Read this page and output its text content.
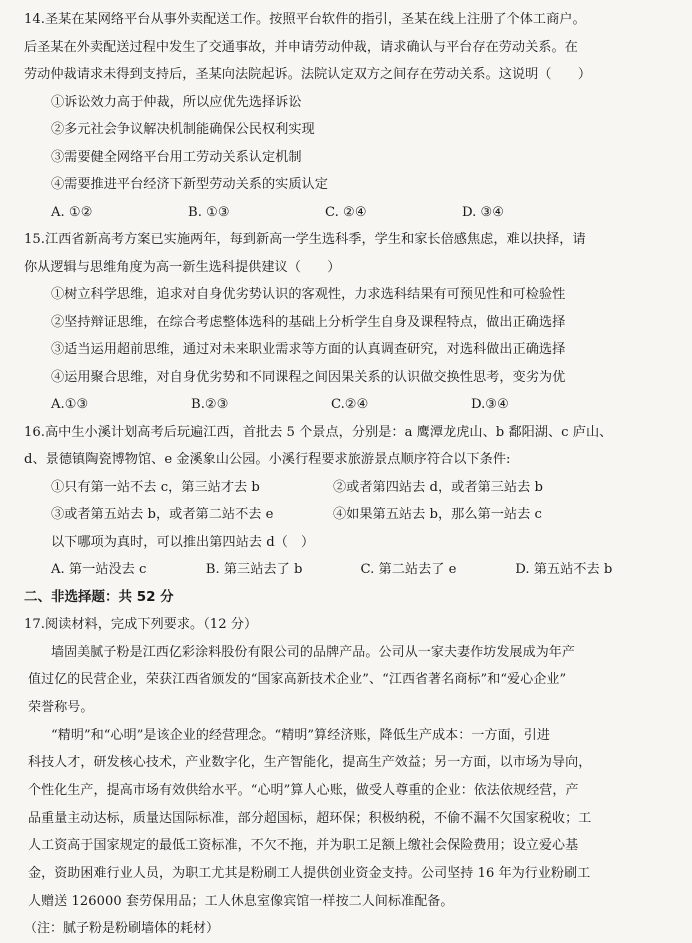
14.圣某在某网络平台从事外卖配送工作。按照平台软件的指引，圣某在线上注册了个体工商户。
后圣某在外卖配送过程中发生了交通事故，并申请劳动仲裁，请求确认与平台存在劳动关系。在
劳动仲裁请求未得到支持后，圣某向法院起诉。法院认定双方之间存在劳动关系。这说明（　　）
①诉讼效力高于仲裁，所以应优先选择诉讼
②多元社会争议解决机制能确保公民权利实现
③需要健全网络平台用工劳动关系认定机制
④需要推进平台经济下新型劳动关系的实质认定
A. ①②	B. ①③	C. ②④	D. ③④
15.江西省新高考方案已实施两年，每到新高一学生选科季，学生和家长倍感焦虑，难以抉择，请
你从逻辑与思维角度为高一新生选科提供建议（　　）
①树立科学思维，追求对自身优劣势认识的客观性，力求选科结果有可预见性和可检验性
②坚持辩证思维，在综合考虑整体选科的基础上分析学生自身及课程特点，做出正确选择
③适当运用超前思维，通过对未来职业需求等方面的认真调查研究，对选科做出正确选择
④运用聚合思维，对自身优劣势和不同课程之间因果关系的认识做交换性思考，变劣为优
A.①③	B.②③	C.②④	D.③④
16.高中生小溪计划高考后玩遍江西，首批去 5 个景点，分别是：a 鹰潭龙虎山、b 鄱阳湖、c 庐山、
d、景德镇陶瓷博物馆、e 金溪象山公园。小溪行程要求旅游景点顺序符合以下条件:
①只有第一站不去 c，第三站才去 b	②或者第四站去 d，或者第三站去 b
③或者第五站去 b，或者第二站不去 e	④如果第五站去 b，那么第一站去 c
以下哪项为真时，可以推出第四站去 d（　）
A. 第一站没去 c	B. 第三站去了 b	C. 第二站去了 e	D. 第五站不去 b
二、非选择题：共 52 分
17.阅读材料，完成下列要求。（12 分）
墙固美腻子粉是江西亿彩涂料股份有限公司的品牌产品。公司从一家夫妻作坊发展成为年产
值过亿的民营企业，荣获江西省颁发的“国家高新技术企业”、“江西省著名商标”和“爱心企业”
荣誉称号。
“精明”和“心明”是该企业的经营理念。“精明”算经济账，降低生产成本：一方面，引进
科技人才，研发核心技术，产业数字化，生产智能化，提高生产效益；另一方面，以市场为导向，
个性化生产，提高市场有效供给水平。“心明”算人心账，做受人尊重的企业：依法依规经营，产
品重量主动达标，质量达国际标准，部分超国标，超环保；积极纳税，不偷不漏不欠国家税收；工
人工资高于国家规定的最低工资标准，不欠不拖，并为职工足额上缴社会保险费用；设立爱心基
金，资助困难行业人员，为职工尤其是粉刷工人提供创业资金支持。公司坚持 16 年为行业粉刷工
人赠送 126000 套劳保用品；工人休息室像宾馆一样按二人间标准配备。
（注：腻子粉是粉刷墙体的耗材）
